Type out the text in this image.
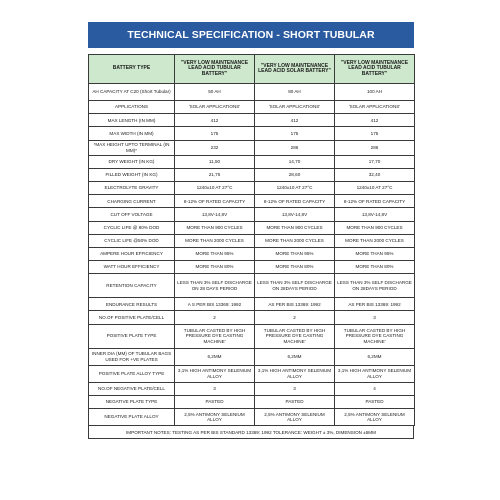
TECHNICAL SPECIFICATION - SHORT TUBULAR
BATTERY TYPE	"VERY LOW MAINTENANCE LEAD ACID TUBULAR BATTERY"	"VERY LOW MAINTENANCE LEAD ACID SOLAR BATTERY"	"VERY LOW MAINTENANCE LEAD ACID TUBULAR BATTERY"
AH CAPACITY AT C20 (Short Tubular)	50 AH	80 AH	100 AH
APPLICATIONS	'SOLAR APPLICATIONS'	'SOLAR APPLICATIONS'	'SOLAR APPLICATIONS'
MAX LENGTH (IN MM)	412	412	412
MAX WIDTH (IN MM)	175	175	175
*MAX HEIGHT UPTO TERMINAL (IN MM)*	232	286	286
DRY WEIGHT (IN KG)	11,50	14,70	17,70
FILLED WEIGHT (IN KG)	21,75	28,60	32,40
ELECTROLYTE GRAVITY	1240±10 AT 27°C	1240±10 AT 27°C	1240±10 AT 27°C
CHARGING CURRENT	8-12% OF RATED CAPACITY	8-12% OF RATED CAPACITY	8-12% OF RATED CAPACITY
CUT OFF VOLTAGE	13,8V-14,8V	13,8V-14,8V	13,8V-14,8V
CYCLIC LIFE @ 80% DOD	MORE THAN 900 CYCLES	MORE THAN 900 CYCLES	MORE THAN 900 CYCLES
CYCLIC LIFE @50% DOD	MORE THAN 2000 CYCLES	MORE THAN 2000 CYCLES	MORE THAN 2000 CYCLES
AMPERE HOUR EFFICIENCY	MORE THAN 95%	MORE THAN 95%	MORE THAN 95%
WATT HOUR EFFICIENCY	MORE THAN 80%	MORE THAN 80%	MORE THAN 80%
RETENTION CAPACITY	LESS THAN 3% SELF DISCHARGE ON 28 DAYS PERIOD	LESS THAN 3% SELF DISCHARGE ON 28DAYS PERIOD	LESS THAN 3% SELF DISCHARGE ON 28DAYS PERIOD
ENDURANCE RESULTS	A S PER BIS 13369: 1992	AS PER BIS 13369: 1992	AS PER BIS 13369: 1992
NO.OF POSITIVE PLATE/CELL	2	2	3
POSITIVE PLATE TYPE	TUBULAR CASTED BY HIGH PRESSURE DYE CASTING MACHINE'	TUBULAR CASTED BY HIGH PRESSURE DYE CASTING MACHINE'	TUBULAR CASTED BY HIGH PRESSURE DYE CASTING MACHINE'
INNER DIA (MM) OF TUBULAR BAGS USED FOR +VE PLATES	6,2MM	6,2MM	6,2MM
POSITIVE PLATE ALLOY TYPE	3,1% HIGH ANTIMONY SELENIUM ALLOY	3,1% HIGH ANTIMONY SELENIUM ALLOY	3,1% HIGH ANTIMONY SELENIUM ALLOY
NO.OF NEGATIVE PLATE/CELL	3	3	4
NEGATIVE PLATE TYPE	PASTED	PASTED	PASTED
NEGATIVE PLATE ALLOY	2,5% ANTIMONY SELENIUM ALLOY	2,5% ANTIMONY SELENIUM ALLOY	2,5% ANTIMONY SELENIUM ALLOY
IMPORTANT NOTES: TESTING AS PER BIS STANDARD 13369: 1992 TOLERANCE: WEIGHT ± 3%, DIMENSION ±5MM
